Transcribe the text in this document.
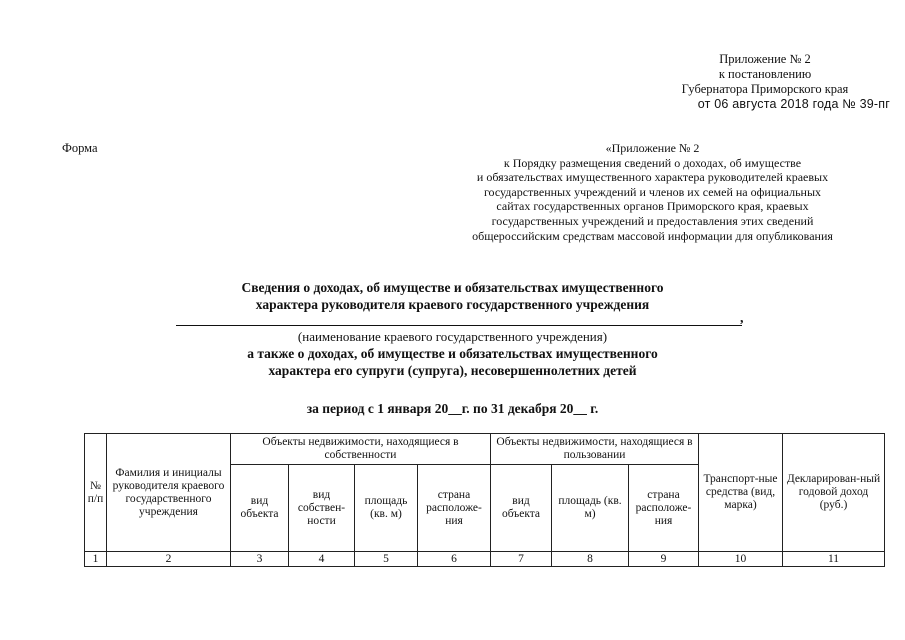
Приложение № 2
к постановлению
Губернатора Приморского края
от 06 августа 2018 года № 39-пг
Форма	«Приложение № 2
к Порядку размещения сведений о доходах, об имуществе
и обязательствах имущественного характера руководителей краевых
государственных учреждений и членов их семей на официальных
сайтах государственных органов Приморского края, краевых
государственных учреждений и предоставления этих сведений
общероссийским средствам массовой информации для опубликования
Сведения о доходах, об имуществе и обязательствах имущественного
характера руководителя краевого государственного учреждения
,
(наименование краевого государственного учреждения)
а также о доходах, об имуществе и обязательствах имущественного
характера его супруги (супруга), несовершеннолетних детей
за период с 1 января 20__г. по 31 декабря 20__ г.
№ п/п	Фамилия и инициалы руководителя краевого государственного учреждения	Объекты недвижимости, находящиеся в собственности				Объекты недвижимости, находящиеся в пользовании			Транспорт-ные средства (вид, марка)	Декларирован-ный годовой доход (руб.)
		вид объекта	вид собствен-ности	площадь (кв. м)	страна расположе-ния	вид объекта	площадь (кв. м)	страна расположе-ния		
1	2	3	4	5	6	7	8	9	10	11
